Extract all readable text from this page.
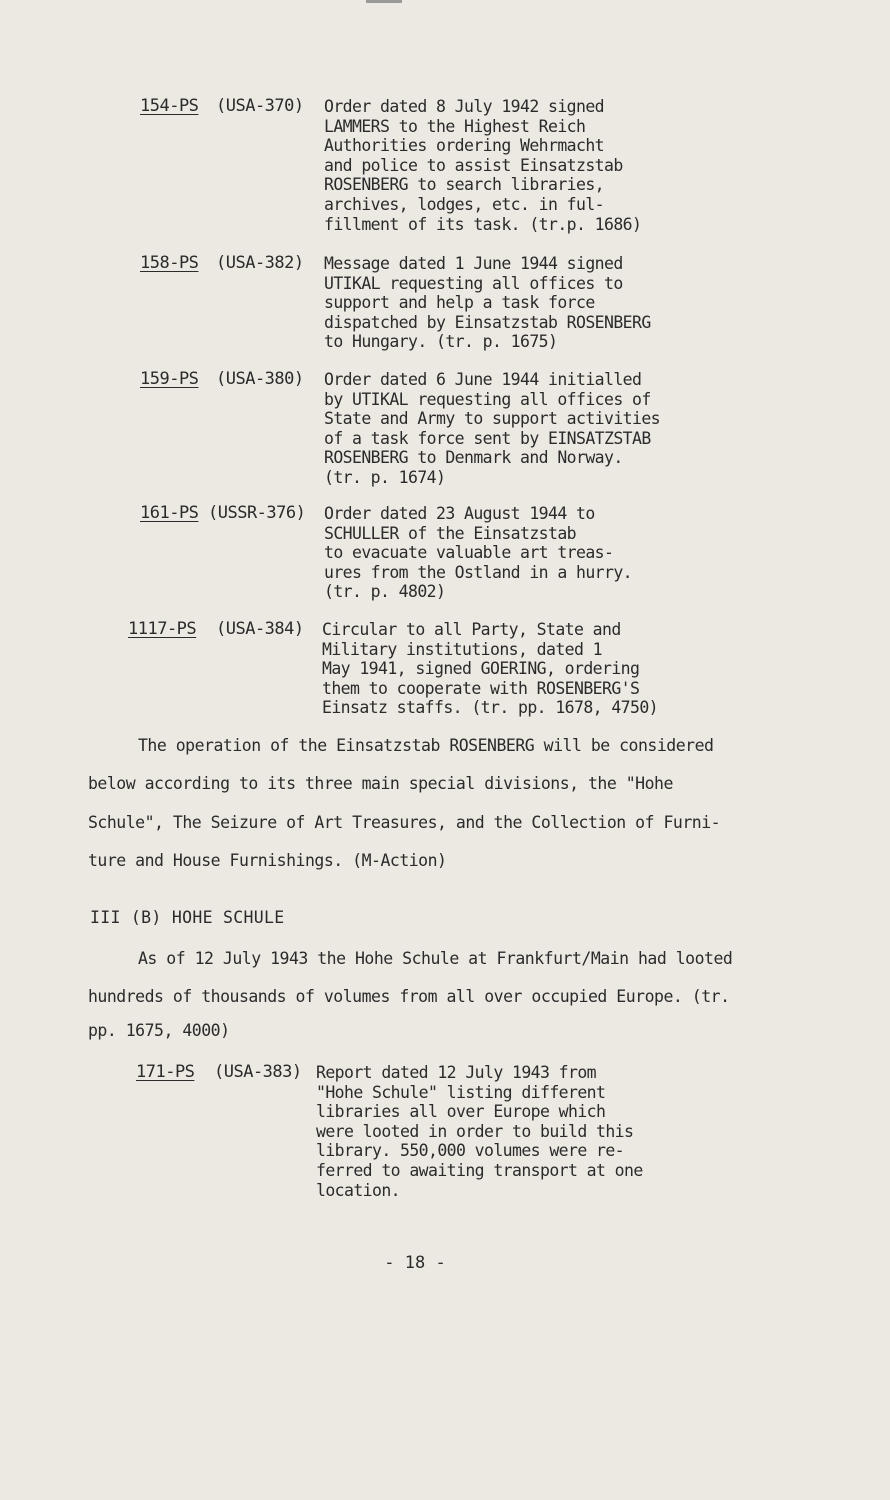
154-PS (USA-370) Order dated 8 July 1942 signed
LAMMERS to the Highest Reich
Authorities ordering Wehrmacht
and police to assist Einsatzstab
ROSENBERG to search libraries,
archives, lodges, etc. in ful-
fillment of its task. (tr.p. 1686)
158-PS (USA-382) Message dated 1 June 1944 signed
UTIKAL requesting all offices to
support and help a task force
dispatched by Einsatzstab ROSENBERG
to Hungary. (tr. p. 1675)
159-PS (USA-380) Order dated 6 June 1944 initialled
by UTIKAL requesting all offices of
State and Army to support activities
of a task force sent by EINSATZSTAB
ROSENBERG to Denmark and Norway.
(tr. p. 1674)
161-PS (USSR-376) Order dated 23 August 1944 to
SCHULLER of the Einsatzstab
to evacuate valuable art treas-
ures from the Ostland in a hurry.
(tr. p. 4802)
1117-PS (USA-384) Circular to all Party, State and
Military institutions, dated 1
May 1941, signed GOERING, ordering
them to cooperate with ROSENBERG'S
Einsatz staffs. (tr. pp. 1678, 4750)
The operation of the Einsatzstab ROSENBERG will be considered
below according to its three main special divisions, the "Hohe
Schule", The Seizure of Art Treasures, and the Collection of Furni-
ture and House Furnishings. (M-Action)
III (B) HOHE SCHULE
As of 12 July 1943 the Hohe Schule at Frankfurt/Main had looted
hundreds of thousands of volumes from all over occupied Europe. (tr.
pp. 1675, 4000)
171-PS (USA-383) Report dated 12 July 1943 from
"Hohe Schule" listing different
libraries all over Europe which
were looted in order to build this
library. 550,000 volumes were re-
ferred to awaiting transport at one
location.
- 18 -
